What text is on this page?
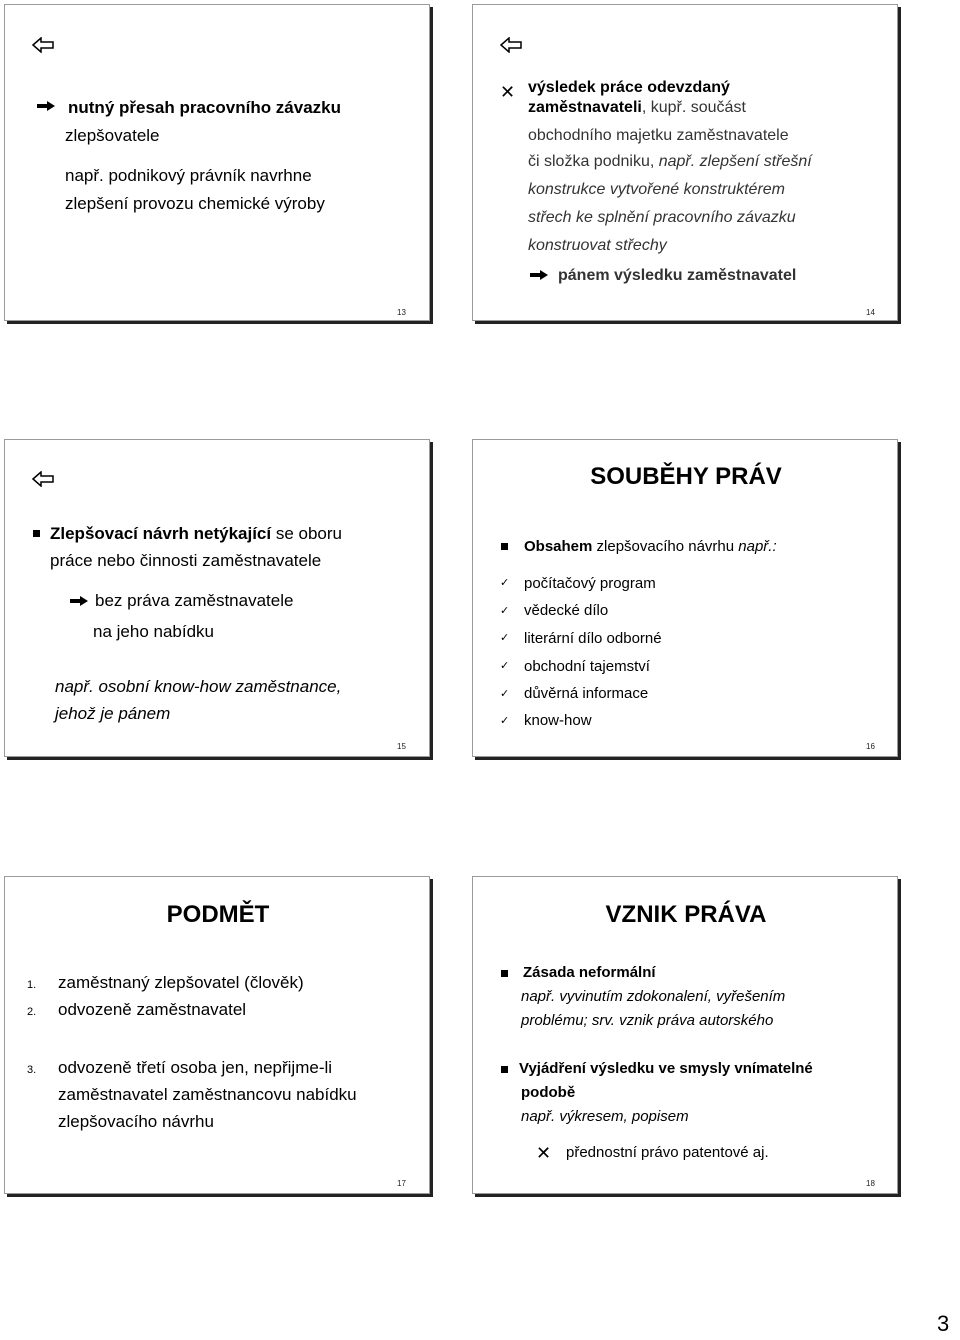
nutný přesah pracovního závazku
zlepšovatele
např. podnikový právník navrhne
zlepšení provozu chemické výroby
13
✕ výsledek práce odevzdaný
zaměstnavateli, kupř. součást
obchodního majetku zaměstnavatele
či složka podniku, např. zlepšení střešní
konstrukce vytvořené konstruktérem
střech ke splnění pracovního závazku
konstruovat střechy
pánem výsledku zaměstnavatel
14
Zlepšovací návrh netýkající se oboru
práce nebo činnosti zaměstnavatele
bez práva zaměstnavatele
na jeho nabídku
např. osobní know-how zaměstnance,
jehož je pánem
15
SOUBĚHY PRÁV
Obsahem zlepšovacího návrhu např.:
✓ počítačový program
✓ vědecké dílo
✓ literární dílo odborné
✓ obchodní tajemství
✓ důvěrná informace
✓ know-how
16
PODMĚT
1. zaměstnaný zlepšovatel (člověk)
2. odvozeně zaměstnavatel
3. odvozeně třetí osoba jen, nepřijme-li
zaměstnavatel zaměstnancovu nabídku
zlepšovacího návrhu
17
VZNIK PRÁVA
Zásada neformální
např. vyvinutím zdokonalení, vyřešením
problému; srv. vznik práva autorského
Vyjádření výsledku ve smysly vnímatelné
podobě
např. výkresem, popisem
✕ přednostní právo patentové aj.
18
3
